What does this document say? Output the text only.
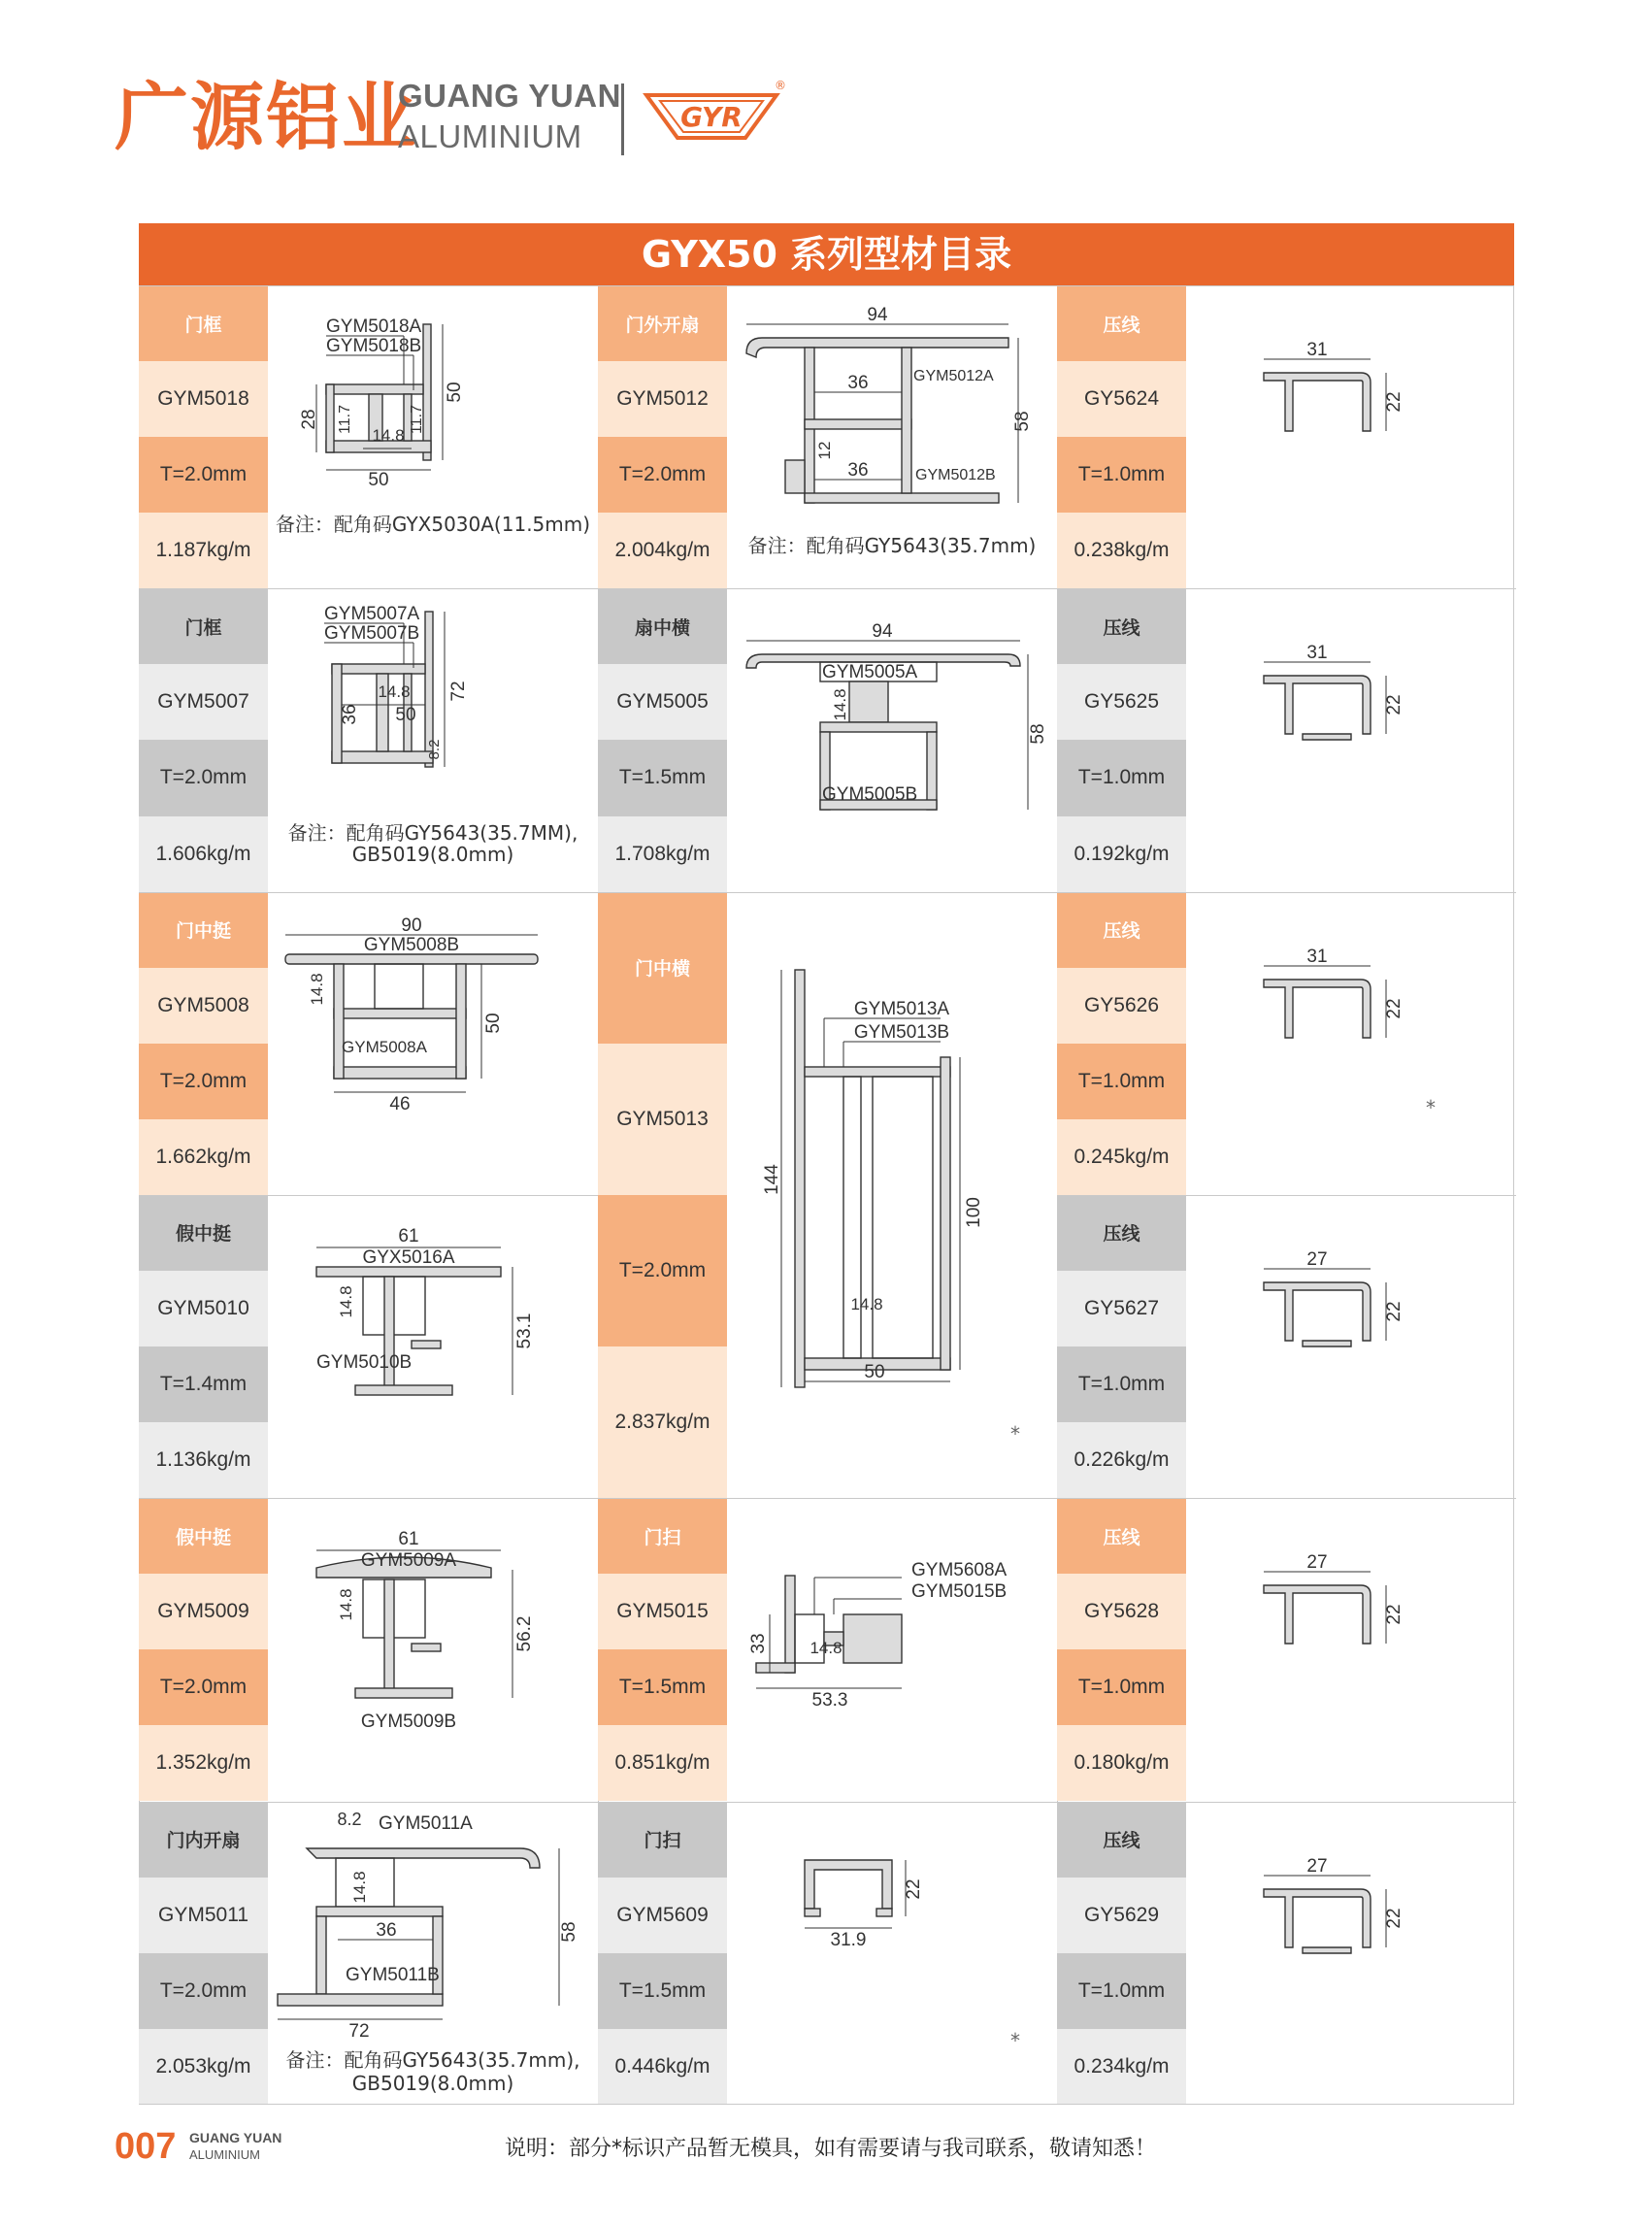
广源铝业
GUANG YUAN
ALUMINIUM
GYR
®
GYX50 系列型材目录
门框
GYM5018
T=2.0mm
1.187kg/m
GYM5018A
GYM5018B
50
28 11.7	11.7
14.8
50
备注：配角码GYX5030A(11.5mm)
门框
GYM5007
T=2.0mm
1.606kg/m
GYM5007A
GYM5007B
72
36
14.8
50
8.2
备注：配角码GY5643(35.7MM),
GB5019(8.0mm)
门中挺
GYM5008
T=2.0mm
1.662kg/m
90
GYM5008B
14.8
50
GYM5008A
46
假中挺
GYM5010
T=1.4mm
1.136kg/m
61
GYX5016A
14.8
53.1
GYM5010B
假中挺
GYM5009
T=2.0mm
1.352kg/m
61
GYM5009A
14.8
56.2
GYM5009B
门内开扇
GYM5011
T=2.0mm
2.053kg/m
8.2 GYM5011A
14.8
36	58
GYM5011B
72
备注：配角码GY5643(35.7mm),
GB5019(8.0mm)
压线
GY5624
T=1.0mm
0.238kg/m
31
22
压线
GY5625
T=1.0mm
0.192kg/m
31
22
压线
GY5626
T=1.0mm
0.245kg/m
31
22
*
压线
GY5627
T=1.0mm
0.226kg/m
27
22
压线
GY5628
T=1.0mm
0.180kg/m
27
22
压线
GY5629
T=1.0mm
0.234kg/m
27
22
门外开扇
GYM5012
T=2.0mm
2.004kg/m
94
36
58
12
36
GYM5012A
GYM5012B
备注：配角码GY5643(35.7mm)
扇中横
GYM5005
T=1.5mm
1.708kg/m
94
GYM5005A
14.8
58
GYM5005B
门中横
GYM5013
T=2.0mm
2.837kg/m
GYM5013A
GYM5013B
144
100
14.8
50
*
门扫
GYM5015
T=1.5mm
0.851kg/m
GYM5608A
GYM5015B
33 14.8
53.3
门扫
GYM5609
T=1.5mm
0.446kg/m
22
31.9
*
007 GUANG YUAN
ALUMINIUM	说明：部分*标识产品暂无模具，如有需要请与我司联系，敬请知悉！
